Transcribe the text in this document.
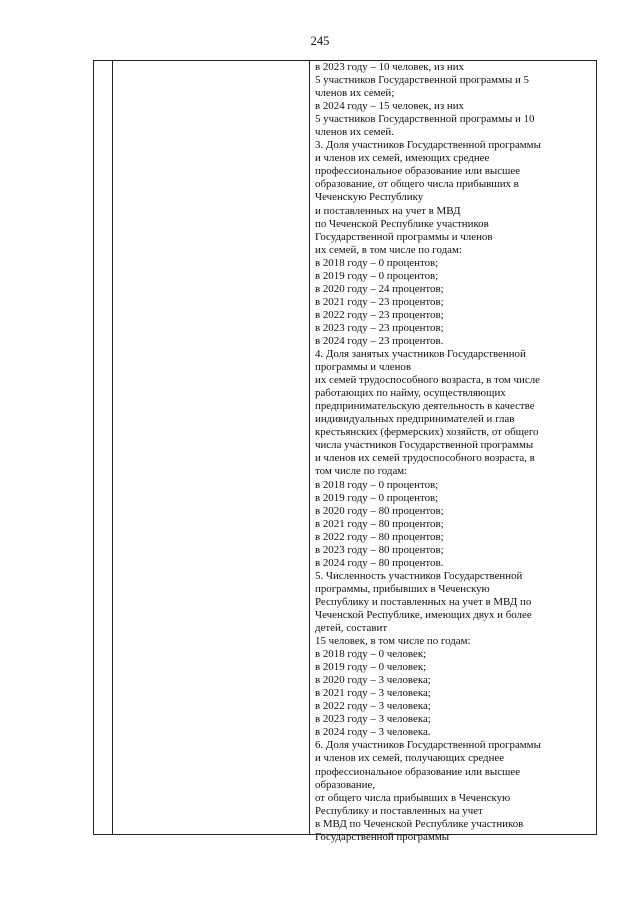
245
в 2023 году – 10 человек, из них
5 участников Государственной программы и 5
членов их семей;
в 2024 году – 15 человек, из них
5 участников Государственной программы и 10
членов их семей.
3. Доля участников Государственной программы
и членов их семей, имеющих среднее
профессиональное образование или высшее
образование, от общего числа прибывших в
Чеченскую Республику
и поставленных на учет в МВД
по Чеченской Республике участников
Государственной программы и членов
их семей, в том числе по годам:
в 2018 году – 0 процентов;
в 2019 году – 0 процентов;
в 2020 году – 24 процентов;
в 2021 году – 23 процентов;
в 2022 году – 23 процентов;
в 2023 году – 23 процентов;
в 2024 году – 23 процентов.
4. Доля занятых участников Государственной
программы и членов
их семей трудоспособного возраста, в том числе
работающих по найму, осуществляющих
предпринимательскую деятельность в качестве
индивидуальных предпринимателей и глав
крестьянских (фермерских) хозяйств, от общего
числа участников Государственной программы
и членов их семей трудоспособного возраста, в
том числе по годам:
в 2018 году – 0 процентов;
в 2019 году – 0 процентов;
в 2020 году – 80 процентов;
в 2021 году – 80 процентов;
в 2022 году – 80 процентов;
в 2023 году – 80 процентов;
в 2024 году – 80 процентов.
5. Численность участников Государственной
программы, прибывших в Чеченскую
Республику и поставленных на учет в МВД по
Чеченской Республике, имеющих двух и более
детей, составит
15 человек, в том числе по годам:
в 2018 году – 0 человек;
в 2019 году – 0 человек;
в 2020 году – 3 человека;
в 2021 году – 3 человека;
в 2022 году – 3 человека;
в 2023 году – 3 человека;
в 2024 году – 3 человека.
6. Доля участников Государственной программы
и членов их семей, получающих среднее
профессиональное образование или высшее
образование,
от общего числа прибывших в Чеченскую
Республику и поставленных на учет
в МВД по Чеченской Республике участников
Государственной программы
